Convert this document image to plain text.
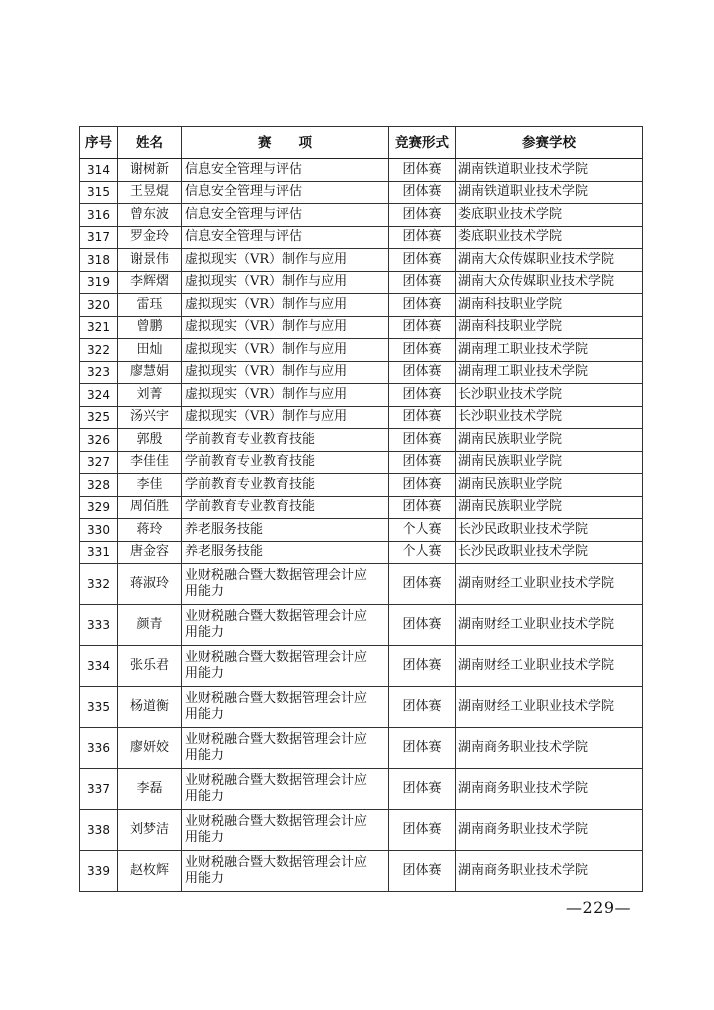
序号	姓名	赛　　项	竞赛形式	参赛学校
314	谢树新	信息安全管理与评估	团体赛	湖南铁道职业技术学院
315	王昱焜	信息安全管理与评估	团体赛	湖南铁道职业技术学院
316	曾东波	信息安全管理与评估	团体赛	娄底职业技术学院
317	罗金玲	信息安全管理与评估	团体赛	娄底职业技术学院
318	谢景伟	虚拟现实（VR）制作与应用	团体赛	湖南大众传媒职业技术学院
319	李辉熠	虚拟现实（VR）制作与应用	团体赛	湖南大众传媒职业技术学院
320	雷珏	虚拟现实（VR）制作与应用	团体赛	湖南科技职业学院
321	曾鹏	虚拟现实（VR）制作与应用	团体赛	湖南科技职业学院
322	田灿	虚拟现实（VR）制作与应用	团体赛	湖南理工职业技术学院
323	廖慧娟	虚拟现实（VR）制作与应用	团体赛	湖南理工职业技术学院
324	刘菁	虚拟现实（VR）制作与应用	团体赛	长沙职业技术学院
325	汤兴宇	虚拟现实（VR）制作与应用	团体赛	长沙职业技术学院
326	郭殷	学前教育专业教育技能	团体赛	湖南民族职业学院
327	李佳佳	学前教育专业教育技能	团体赛	湖南民族职业学院
328	李佳	学前教育专业教育技能	团体赛	湖南民族职业学院
329	周佰胜	学前教育专业教育技能	团体赛	湖南民族职业学院
330	蒋玲	养老服务技能	个人赛	长沙民政职业技术学院
331	唐金容	养老服务技能	个人赛	长沙民政职业技术学院
332	蒋淑玲	业财税融合暨大数据管理会计应
用能力	团体赛	湖南财经工业职业技术学院
333	颜青	业财税融合暨大数据管理会计应
用能力	团体赛	湖南财经工业职业技术学院
334	张乐君	业财税融合暨大数据管理会计应
用能力	团体赛	湖南财经工业职业技术学院
335	杨道衡	业财税融合暨大数据管理会计应
用能力	团体赛	湖南财经工业职业技术学院
336	廖妍姣	业财税融合暨大数据管理会计应
用能力	团体赛	湖南商务职业技术学院
337	李磊	业财税融合暨大数据管理会计应
用能力	团体赛	湖南商务职业技术学院
338	刘梦洁	业财税融合暨大数据管理会计应
用能力	团体赛	湖南商务职业技术学院
339	赵枚辉	业财税融合暨大数据管理会计应
用能力	团体赛	湖南商务职业技术学院
—229—
